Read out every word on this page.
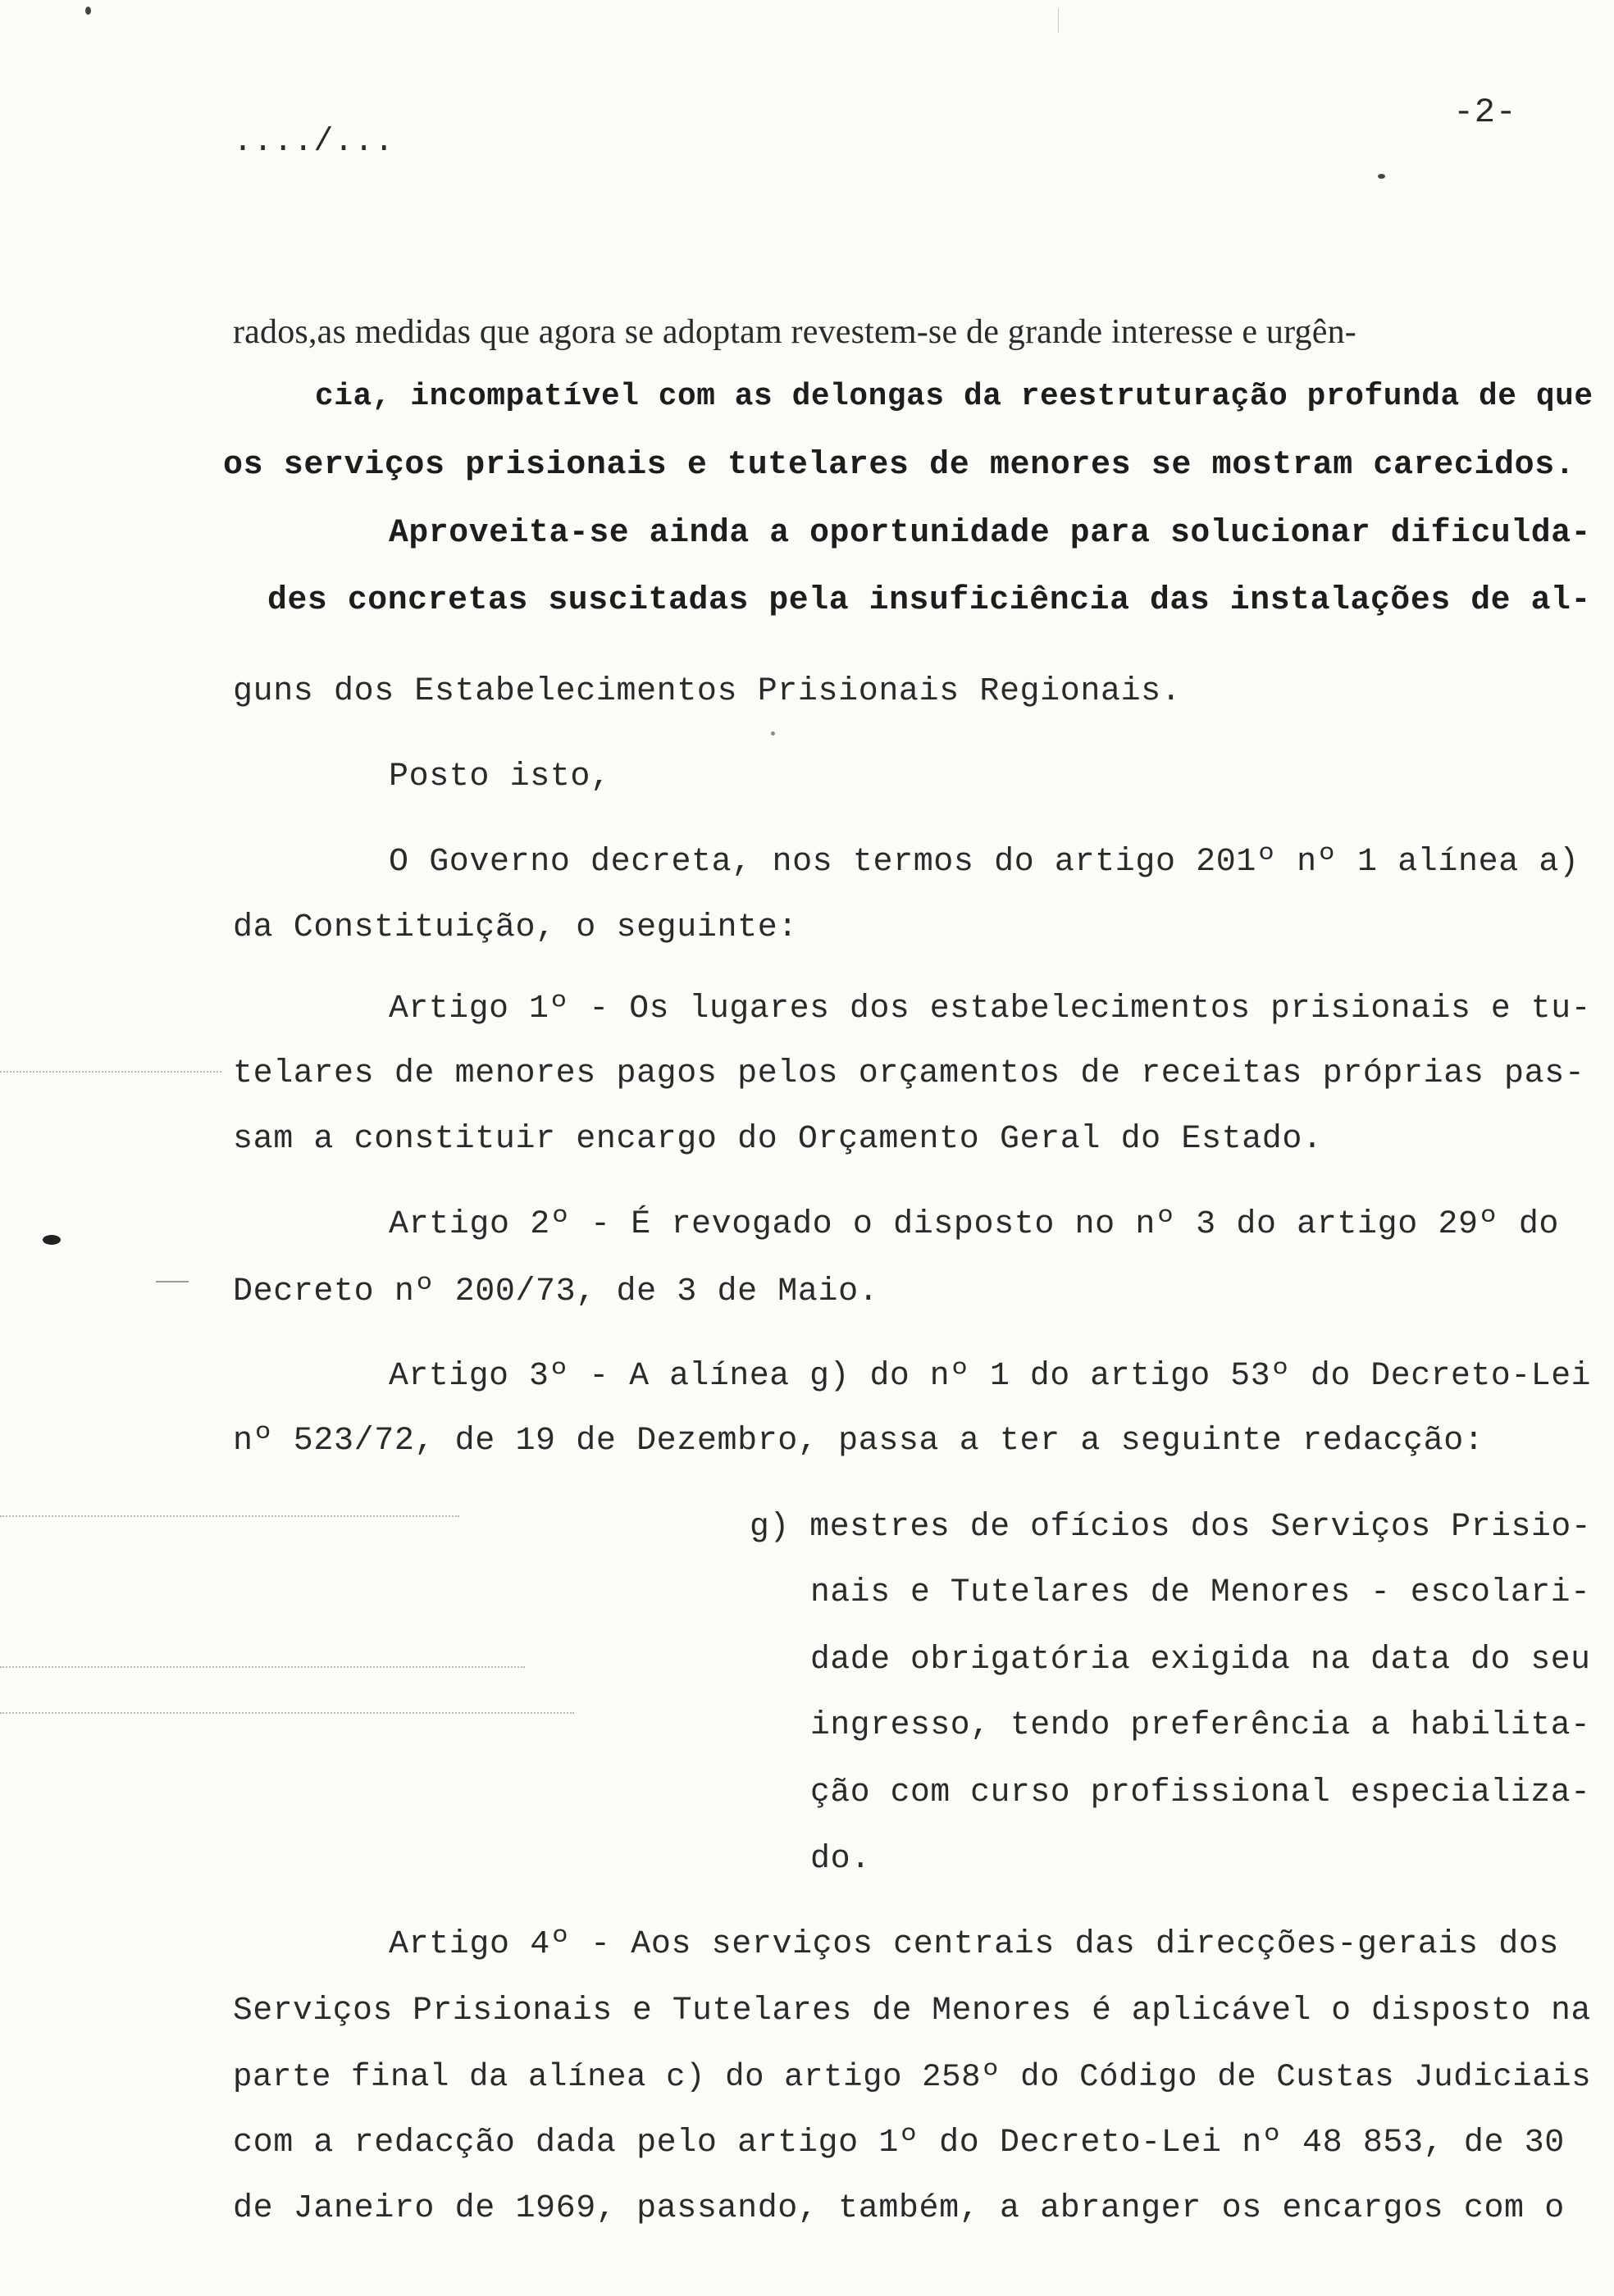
-2-
..../...
rados,as medidas que agora se adoptam revestem-se de grande interesse e urgên-
cia, incompatível com as delongas da reestruturação profunda de que
os serviços prisionais e tutelares de menores se mostram carecidos.
Aproveita-se ainda a oportunidade para solucionar dificulda-
des concretas suscitadas pela insuficiência das instalações de al-
guns dos Estabelecimentos Prisionais Regionais.
Posto isto,
O Governo decreta, nos termos do artigo 201º nº 1 alínea a)
da Constituição, o seguinte:
Artigo 1º - Os lugares dos estabelecimentos prisionais e tu-
telares de menores pagos pelos orçamentos de receitas próprias pas-
sam a constituir encargo do Orçamento Geral do Estado.
Artigo 2º - É revogado o disposto no nº 3 do artigo 29º do
Decreto nº 200/73, de 3 de Maio.
Artigo 3º - A alínea g) do nº 1 do artigo 53º do Decreto-Lei
nº 523/72, de 19 de Dezembro, passa a ter a seguinte redacção:
g) mestres de ofícios dos Serviços Prisio-
nais e Tutelares de Menores - escolari-
dade obrigatória exigida na data do seu
ingresso, tendo preferência a habilita-
ção com curso profissional especializa-
do.
Artigo 4º - Aos serviços centrais das direcções-gerais dos
Serviços Prisionais e Tutelares de Menores é aplicável o disposto na
parte final da alínea c) do artigo 258º do Código de Custas Judiciais
com a redacção dada pelo artigo 1º do Decreto-Lei nº 48 853, de 30
de Janeiro de 1969, passando, também, a abranger os encargos com o
